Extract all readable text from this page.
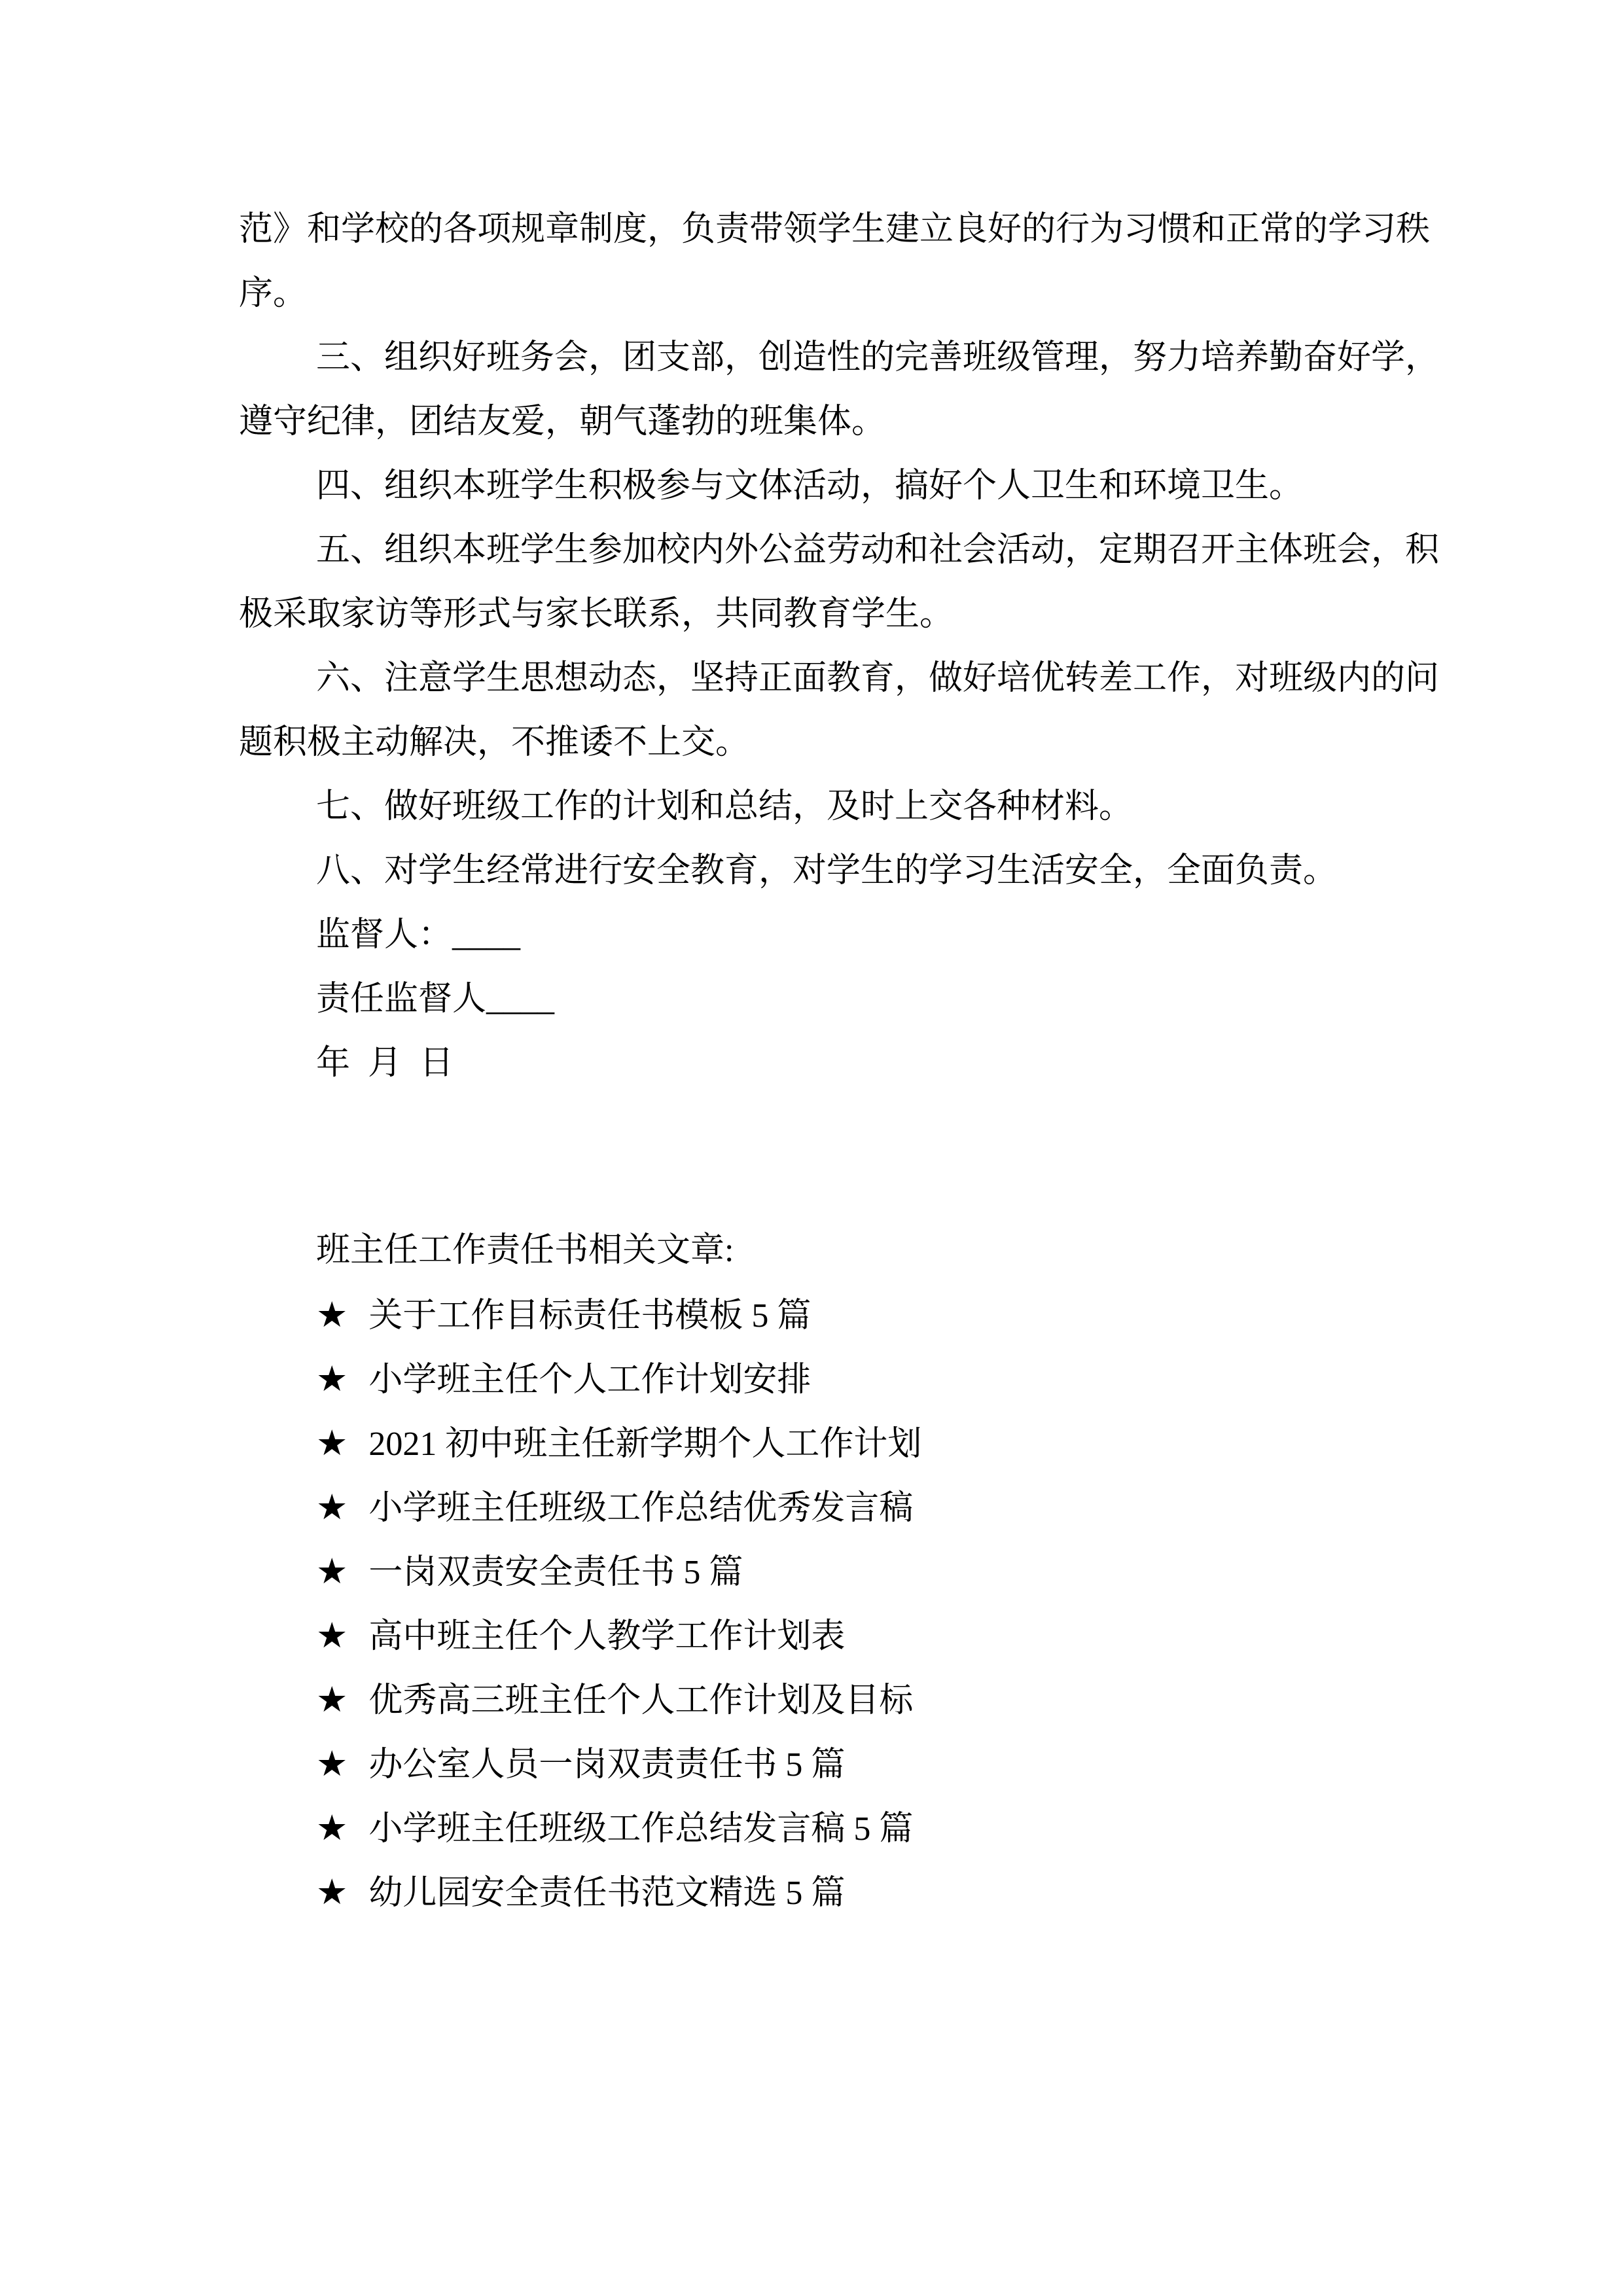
范》和学校的各项规章制度，负责带领学生建立良好的行为习惯和正常的学习秩
序。
三、组织好班务会，团支部，创造性的完善班级管理，努力培养勤奋好学，
遵守纪律，团结友爱，朝气蓬勃的班集体。
四、组织本班学生积极参与文体活动，搞好个人卫生和环境卫生。
五、组织本班学生参加校内外公益劳动和社会活动，定期召开主体班会，积
极采取家访等形式与家长联系，共同教育学生。
六、注意学生思想动态，坚持正面教育，做好培优转差工作，对班级内的问
题积极主动解决，不推诿不上交。
七、做好班级工作的计划和总结，及时上交各种材料。
八、对学生经常进行安全教育，对学生的学习生活安全，全面负责。
监督人：____
责任监督人____
年 月 日
班主任工作责任书相关文章:
★ 关于工作目标责任书模板 5 篇
★ 小学班主任个人工作计划安排
★ 2021 初中班主任新学期个人工作计划
★ 小学班主任班级工作总结优秀发言稿
★ 一岗双责安全责任书 5 篇
★ 高中班主任个人教学工作计划表
★ 优秀高三班主任个人工作计划及目标
★ 办公室人员一岗双责责任书 5 篇
★ 小学班主任班级工作总结发言稿 5 篇
★ 幼儿园安全责任书范文精选 5 篇
